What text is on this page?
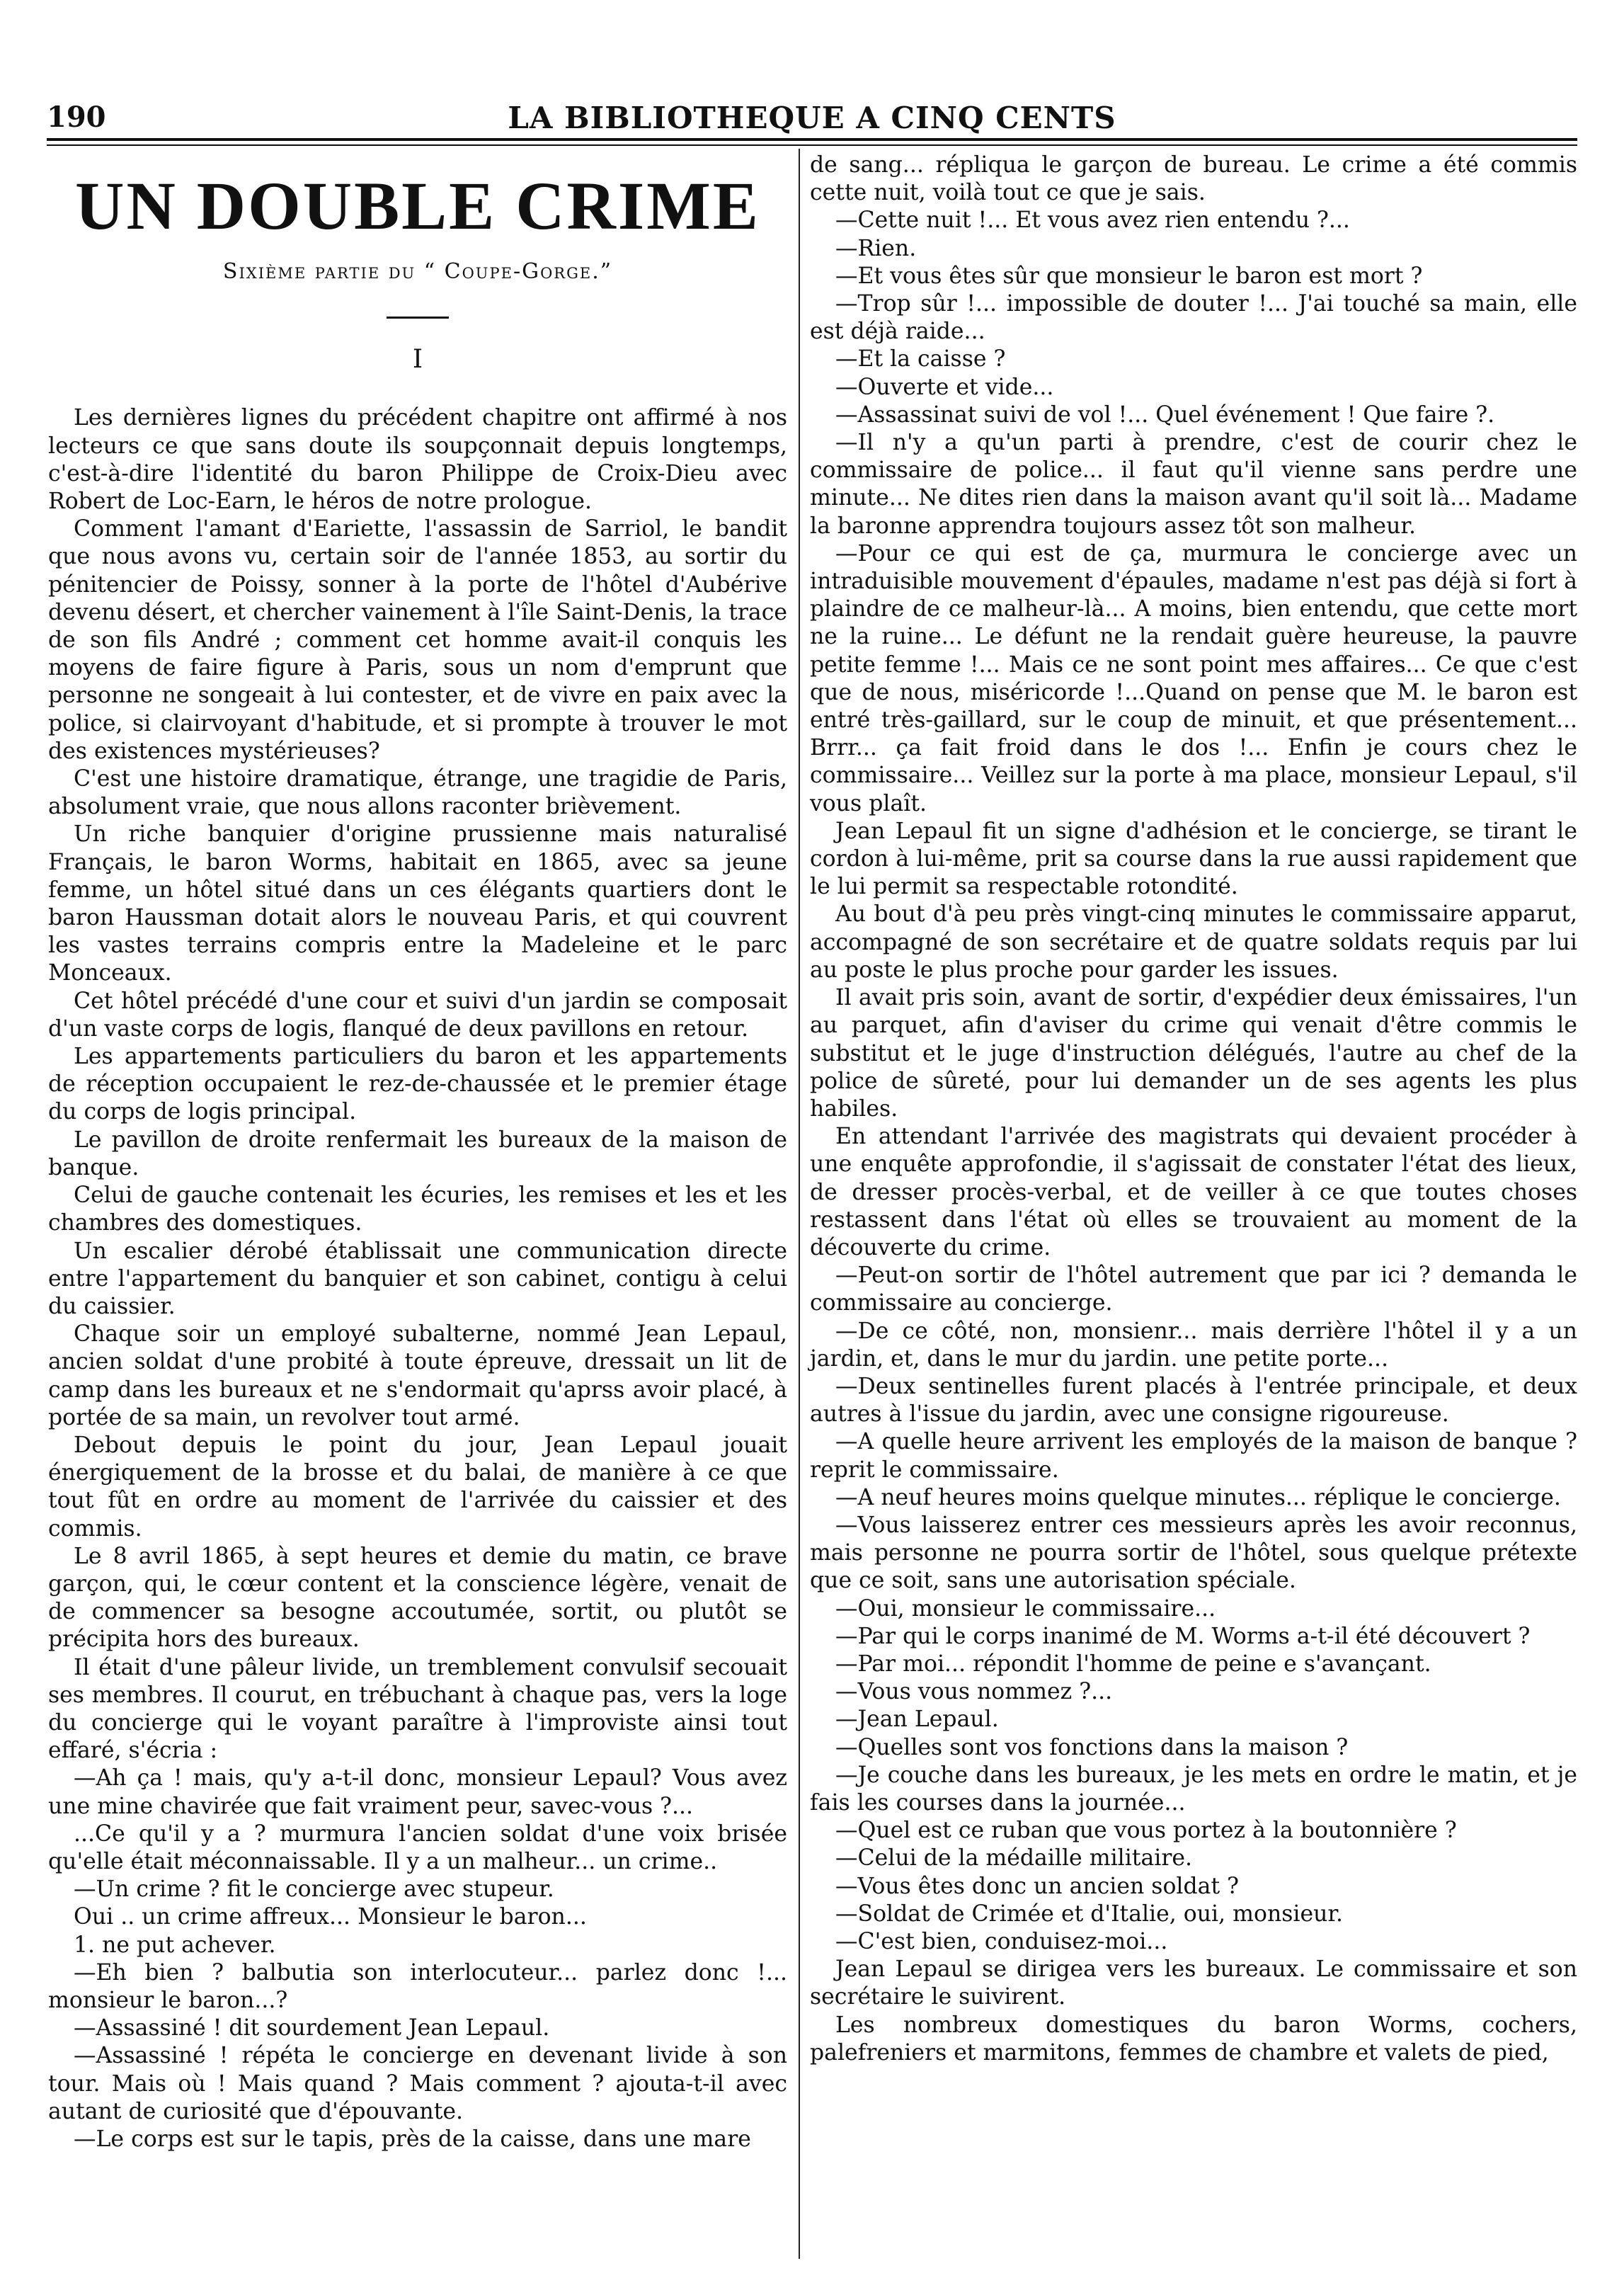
190	LA BIBLIOTHEQUE A CINQ CENTS
UN DOUBLE CRIME
Sixième partie du “ Coupe-Gorge.”
I

Les dernières lignes du précédent chapitre ont affirmé à nos lecteurs ce que sans doute ils soupçonnait depuis longtemps, c'est-à-dire l'identité du baron Philippe de Croix-Dieu avec Robert de Loc-Earn, le héros de notre prologue.

Comment l'amant d'Eariette, l'assassin de Sarriol, le bandit que nous avons vu, certain soir de l'année 1853, au sortir du pénitencier de Poissy, sonner à la porte de l'hôtel d'Aubérive devenu désert, et chercher vainement à l'île Saint-Denis, la trace de son fils André ; comment cet homme avait-il conquis les moyens de faire figure à Paris, sous un nom d'emprunt que personne ne songeait à lui contester, et de vivre en paix avec la police, si clairvoyant d'habitude, et si prompte à trouver le mot des existences mystérieuses?

C'est une histoire dramatique, étrange, une tragidie de Paris, absolument vraie, que nous allons raconter brièvement.

Un riche banquier d'origine prussienne mais naturalisé Français, le baron Worms, habitait en 1865, avec sa jeune femme, un hôtel situé dans un ces élégants quartiers dont le baron Haussman dotait alors le nouveau Paris, et qui couvrent les vastes terrains compris entre la Madeleine et le parc Monceaux.

Cet hôtel précédé d'une cour et suivi d'un jardin se composait d'un vaste corps de logis, flanqué de deux pavillons en retour.

Les appartements particuliers du baron et les appartements de réception occupaient le rez-de-chaussée et le premier étage du corps de logis principal.

Le pavillon de droite renfermait les bureaux de la maison de banque.

Celui de gauche contenait les écuries, les remises et les et les chambres des domestiques.

Un escalier dérobé établissait une communication directe entre l'appartement du banquier et son cabinet, contigu à celui du caissier.

Chaque soir un employé subalterne, nommé Jean Lepaul, ancien soldat d'une probité à toute épreuve, dressait un lit de camp dans les bureaux et ne s'endormait qu'aprss avoir placé, à portée de sa main, un revolver tout armé.

Debout depuis le point du jour, Jean Lepaul jouait énergiquement de la brosse et du balai, de manière à ce que tout fût en ordre au moment de l'arrivée du caissier et des commis.

Le 8 avril 1865, à sept heures et demie du matin, ce brave garçon, qui, le cœur content et la conscience légère, venait de de commencer sa besogne accoutumée, sortit, ou plutôt se précipita hors des bureaux.

Il était d'une pâleur livide, un tremblement convulsif secouait ses membres. Il courut, en trébuchant à chaque pas, vers la loge du concierge qui le voyant paraître à l'improviste ainsi tout effaré, s'écria :

—Ah ça ! mais, qu'y a-t-il donc, monsieur Lepaul? Vous avez une mine chavirée que fait vraiment peur, savec-vous ?...

...Ce qu'il y a ? murmura l'ancien soldat d'une voix brisée qu'elle était méconnaissable. Il y a un malheur... un crime..

—Un crime ? fit le concierge avec stupeur.

Oui .. un crime affreux... Monsieur le baron...

1. ne put achever.

—Eh bien ? balbutia son interlocuteur... parlez donc !... monsieur le baron...?

—Assassiné ! dit sourdement Jean Lepaul.

—Assassiné ! répéta le concierge en devenant livide à son tour. Mais où ! Mais quand ? Mais comment ? ajouta-t-il avec autant de curiosité que d'épouvante.

—Le corps est sur le tapis, près de la caisse, dans une mare

de sang... répliqua le garçon de bureau. Le crime a été commis cette nuit, voilà tout ce que je sais.

—Cette nuit !... Et vous avez rien entendu ?...

—Rien.

—Et vous êtes sûr que monsieur le baron est mort ?

—Trop sûr !... impossible de douter !... J'ai touché sa main, elle est déjà raide...

—Et la caisse ?

—Ouverte et vide...

—Assassinat suivi de vol !... Quel événement ! Que faire ?.

—Il n'y a qu'un parti à prendre, c'est de courir chez le commissaire de police... il faut qu'il vienne sans perdre une minute... Ne dites rien dans la maison avant qu'il soit là... Madame la baronne apprendra toujours assez tôt son malheur.

—Pour ce qui est de ça, murmura le concierge avec un intraduisible mouvement d'épaules, madame n'est pas déjà si fort à plaindre de ce malheur-là... A moins, bien entendu, que cette mort ne la ruine... Le défunt ne la rendait guère heureuse, la pauvre petite femme !... Mais ce ne sont point mes affaires... Ce que c'est que de nous, miséricorde !...Quand on pense que M. le baron est entré très-gaillard, sur le coup de minuit, et que présentement... Brrr... ça fait froid dans le dos !... Enfin je cours chez le commissaire... Veillez sur la porte à ma place, monsieur Lepaul, s'il vous plaît.

Jean Lepaul fit un signe d'adhésion et le concierge, se tirant le cordon à lui-même, prit sa course dans la rue aussi rapidement que le lui permit sa respectable rotondité.

Au bout d'à peu près vingt-cinq minutes le commissaire apparut, accompagné de son secrétaire et de quatre soldats requis par lui au poste le plus proche pour garder les issues.

Il avait pris soin, avant de sortir, d'expédier deux émissaires, l'un au parquet, afin d'aviser du crime qui venait d'être commis le substitut et le juge d'instruction délégués, l'autre au chef de la police de sûreté, pour lui demander un de ses agents les plus habiles.

En attendant l'arrivée des magistrats qui devaient procéder à une enquête approfondie, il s'agissait de constater l'état des lieux, de dresser procès-verbal, et de veiller à ce que toutes choses restassent dans l'état où elles se trouvaient au moment de la découverte du crime.

—Peut-on sortir de l'hôtel autrement que par ici ? demanda le commissaire au concierge.

—De ce côté, non, monsienr... mais derrière l'hôtel il y a un jardin, et, dans le mur du jardin. une petite porte...

—Deux sentinelles furent placés à l'entrée principale, et deux autres à l'issue du jardin, avec une consigne rigoureuse.

—A quelle heure arrivent les employés de la maison de banque ? reprit le commissaire.

—A neuf heures moins quelque minutes... réplique le concierge.

—Vous laisserez entrer ces messieurs après les avoir reconnus, mais personne ne pourra sortir de l'hôtel, sous quelque prétexte que ce soit, sans une autorisation spéciale.

—Oui, monsieur le commissaire...

—Par qui le corps inanimé de M. Worms a-t-il été découvert ?

—Par moi... répondit l'homme de peine e s'avançant.

—Vous vous nommez ?...

—Jean Lepaul.

—Quelles sont vos fonctions dans la maison ?

—Je couche dans les bureaux, je les mets en ordre le matin, et je fais les courses dans la journée...

—Quel est ce ruban que vous portez à la boutonnière ?

—Celui de la médaille militaire.

—Vous êtes donc un ancien soldat ?

—Soldat de Crimée et d'Italie, oui, monsieur.

—C'est bien, conduisez-moi...

Jean Lepaul se dirigea vers les bureaux. Le commissaire et son secrétaire le suivirent.

Les nombreux domestiques du baron Worms, cochers, palefreniers et marmitons, femmes de chambre et valets de pied,
